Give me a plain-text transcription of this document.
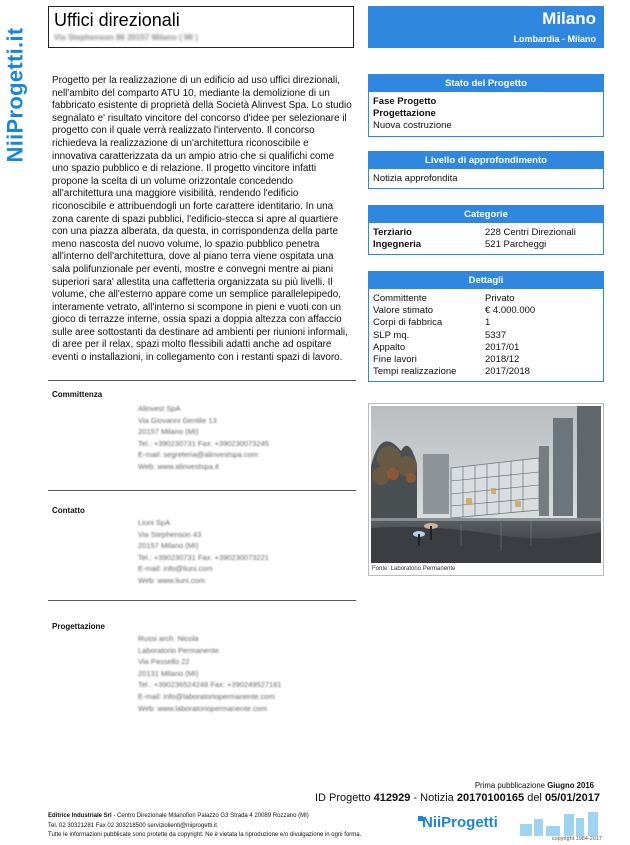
NiiProgetti.it
Uffici direzionali
Via Stephenson 86 20157 Milano ( MI )
Milano
Lombardia - Milano
Progetto per la realizzazione di un edificio ad uso uffici direzionali, nell'ambito del comparto ATU 10, mediante la demolizione di un fabbricato esistente di proprietà della Società Alinvest Spa. Lo studio segnalato e' risultato vincitore del concorso d'idee per selezionare il progetto con il quale verrà realizzato l'intervento. Il concorso richiedeva la realizzazione di un'architettura riconoscibile e innovativa caratterizzata da un ampio atrio che si qualifichi come uno spazio pubblico e di relazione. Il progetto vincitore infatti propone la scelta di un volume orizzontale concedendo all'architettura una maggiore visibilità, rendendo l'edificio riconoscibile e attribuendogli un forte carattere identitario. In una zona carente di spazi pubblici, l'edificio-stecca si apre al quartiere con una piazza alberata, da questa, in corrispondenza della parte meno nascosta del nuovo volume, lo spazio pubblico penetra all'interno dell'architettura, dove al piano terra viene ospitata una sala polifunzionale per eventi, mostre e convegni mentre ai piani superiori sara' allestita una caffetteria organizzata su più livelli. Il volume, che all'esterno appare come un semplice parallelepipedo, interamente vetrato, all'interno si scompone in pieni e vuoti con un gioco di terrazze interne, ossia spazi a doppia altezza con affaccio sulle aree sottostanti da destinare ad ambienti per riunioni informali, di aree per il relax, spazi molto flessibili adatti anche ad ospitare eventi o installazioni, in collegamento con i restanti spazi di lavoro.
Stato del Progetto
Fase Progetto
Progettazione
Nuova costruzione
Livello di approfondimento
Notizia approfondita
Categorie
Terziario	228 Centri Direzionali
Ingegneria	521 Parcheggi
Dettagli
Committente	Privato
Valore stimato	€ 4.000.000
Corpi di fabbrica	1
SLP mq.	5337
Appalto	2017/01
Fine lavori	2018/12
Tempi realizzazione	2017/2018
Committenza
Alinvest SpA
Via Giovanni Gentile 13
20157 Milano (MI)
Tel.: +390230731 Fax: +390230073245
E-mail: segreteria@alinvestspa.com
Web: www.alinvestspa.it
Contatto
Liuni SpA
Via Stephenson 43
20157 Milano (MI)
Tel.: +390230731 Fax: +390230073221
E-mail: info@liuni.com
Web: www.liuni.com
Progettazione
Russi arch. Nicola
Laboratorio Permanente
Via Passello 22
20131 Milano (MI)
Tel.: +390236524248 Fax: +390249527181
E-mail: info@laboratoriopermanente.com
Web: www.laboratoriopermanente.com
Fonte: Laboratorio Permanente
Prima pubblicazione Giugno 2016
ID Progetto 412929 - Notizia 20170100165 del 05/01/2017
Editrice Industriale Srl - Centro Direzionale Milanofiori Palazzo G3 Strada 4 20089 Rozzano (MI)
Tel. 02 30321281 Fax 02 303218500 serviziolienti@niiprogetti.it
Tutte le informazioni pubblicate sono protette da copyright. Ne è vietata la riproduzione e/o divulgazione in ogni forma.
NiiProgetti
copyright 1984-2017
